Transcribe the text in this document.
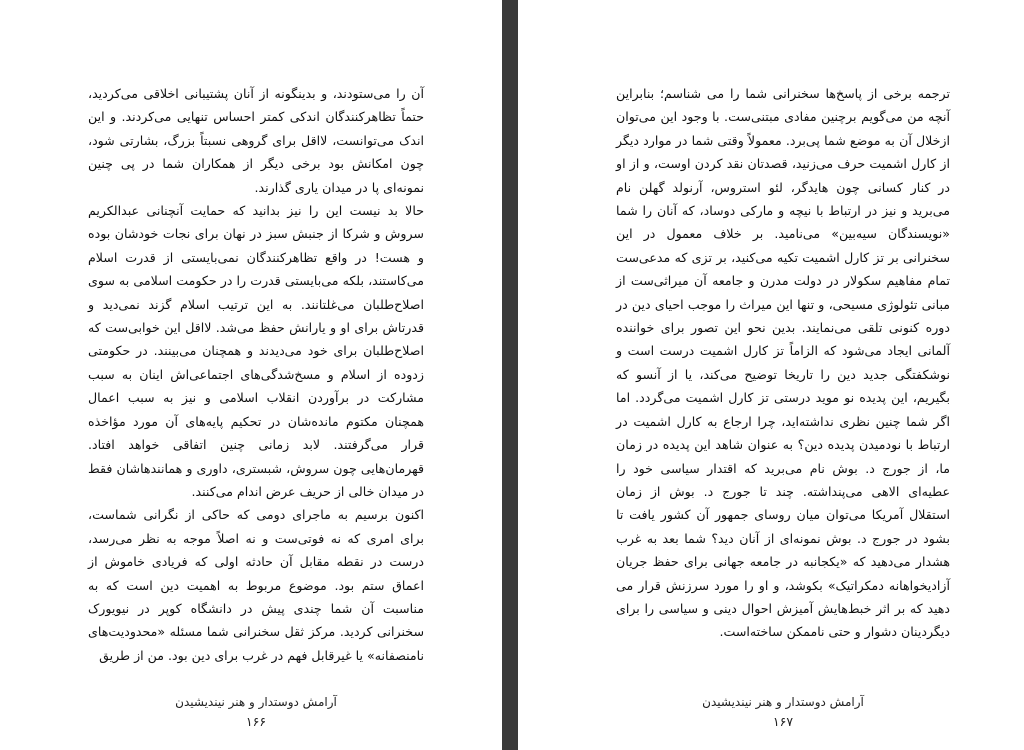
آن را می‌ستودند، و بدینگونه از آنان پشتیبانی اخلاقی می‌کردید، حتماً تظاهرکنندگان اندکی کمتر احساس تنهایی می‌کردند. و این اندک می‌توانست، لااقل برای گروهی نسبتاً بزرگ، بشارتی شود، چون امکانش بود برخی دیگر از همکاران شما در پی چنین نمونه‌ای پا در میدان یاری گذارند.

حالا بد نیست این را نیز بدانید که حمایت آنچنانی عبدالکریم سروش و شرکا از جنبش سبز در نهان برای نجات خودشان بوده و هست! در واقع تظاهرکنندگان نمی‌بایستی از قدرت اسلام می‌کاستند، بلکه می‌بایستی قدرت را در حکومت اسلامی به سوی اصلاح‌طلبان می‌غلتانند. به این ترتیب اسلام گزند نمی‌دید و قدرتاش برای او و یارانش حفظ می‌شد. لااقل این خوابی‌ست که اصلاح‌طلبان برای خود می‌دیدند و همچنان می‌بینند. در حکومتی زدوده از اسلام و مسخ‌شدگی‌های اجتماعی‌اش اینان به سبب مشارکت در برآوردن انقلاب اسلامی و نیز به سبب اعمال همچنان مکتوم مانده‌شان در تحکیم پایه‌های آن مورد مؤاخذه قرار می‌گرفتند. لابد زمانی چنین اتفاقی خواهد افتاد. قهرمان‌هایی چون سروش، شبستری، داوری و همانندهاشان فقط در میدان خالی از حریف عرض اندام می‌کنند.

اکنون برسیم به ماجرای دومی که حاکی از نگرانی شماست، برای امری که نه فوتی‌ست و نه اصلاً موجه به نظر می‌رسد، درست در نقطه مقابل آن حادثه اولی که فریادی خاموش از اعماق ستم بود. موضوع مربوط به اهمیت دین است که به مناسبت آن شما چندی پیش در دانشگاه کوپر در نیویورک سخنرانی کردید. مرکز ثقل سخنرانی شما مسئله «محدودیت‌های نامنصفانه» یا غیرقابل فهم در غرب برای دین بود. من از طریق

آرامش دوستدار و هنر نیندیشیدن
۱۶۶

ترجمه برخی از پاسخ‌ها سخنرانی شما را می شناسم؛ بنابراین آنچه من می‌گویم برچنین مفادی مبتنی‌ست. با وجود این می‌توان ازخلال آن به موضع شما پی‌برد. معمولاً وقتی شما در موارد دیگر از کارل اشمیت حرف می‌زنید، قصدتان نقد کردن اوست، و از او در کنار کسانی چون هایدگر، لئو استروس، آرنولد گهلن نام می‌برید و نیز در ارتباط با نیچه و مارکی دوساد، که آنان را شما «نویسندگان سیه‌بین» می‌نامید. بر خلاف معمول در این سخنرانی بر تز کارل اشمیت تکیه می‌کنید، بر تزی که مدعی‌ست تمام مفاهیم سکولار در دولت مدرن و جامعه آن میراثی‌ست از مبانی تئولوژی مسیحی، و تنها این میراث را موجب احیای دین در دوره کنونی تلقی می‌نمایند. بدین نحو این تصور برای خواننده آلمانی ایجاد می‌شود که الزاماً تز کارل اشمیت درست است و نوشکفتگی جدید دین را تاریخا توضیح می‌کند، یا از آنسو که بگیریم، این پدیده نو موید درستی تز کارل اشمیت می‌گردد. اما اگر شما چنین نظری نداشته‌اید، چرا ارجاع به کارل اشمیت در ارتباط با نودمیدن پدیده دین؟ به عنوان شاهد این پدیده در زمان ما، از جورج د. بوش نام می‌برید که اقتدار سیاسی خود را عطیه‌ای الاهی می‌پنداشته. چند تا جورج د. بوش از زمان استقلال آمریکا می‌توان میان روسای جمهور آن کشور یافت تا بشود در جورج د. بوش نمونه‌ای از آنان دید؟ شما بعد به غرب هشدار می‌دهید که «یکجانبه در جامعه جهانی برای حفظ جریان آزادیخواهانه دمکراتیک» بکوشد، و او را مورد سرزنش قرار می دهید که بر اثر خبط‌هایش آمیزش احوال دینی و سیاسی را برای دیگردینان دشوار و حتی ناممکن ساخته‌است.

آرامش دوستدار و هنر نیندیشیدن
۱۶۷
